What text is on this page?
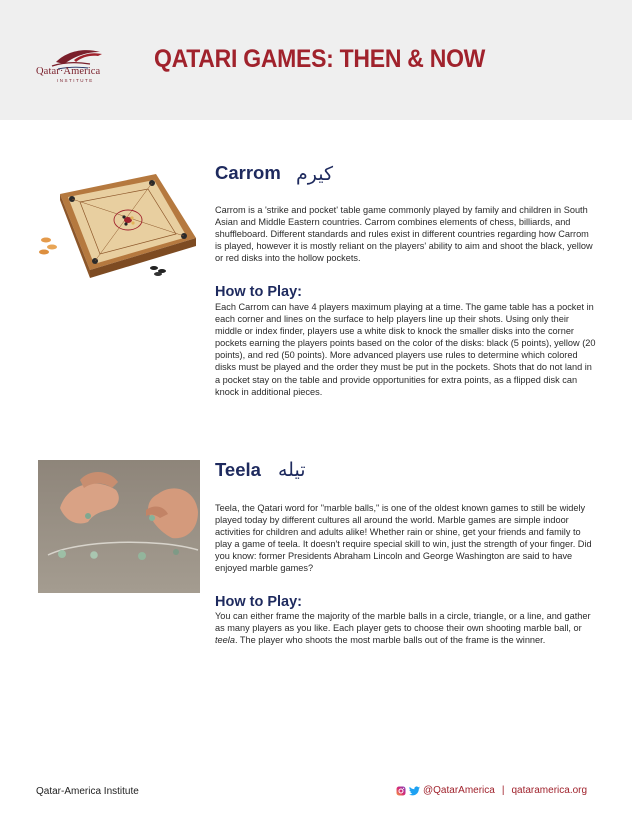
Qatar·America
INSTITUTE
QATARI GAMES: THEN & NOW
Carrom كيرم

Carrom is a 'strike and pocket' table game commonly played by family and children in South Asian and Middle Eastern countries. Carrom combines elements of chess, billiards, and shuffleboard. Different standards and rules exist in different countries regarding how Carrom is played, however it is mostly reliant on the players' ability to aim and shoot the black, yellow or red disks into the hollow pockets.

How to Play:

Each Carrom can have 4 players maximum playing at a time. The game table has a pocket in each corner and lines on the surface to help players line up their shots. Using only their middle or index finder, players use a white disk to knock the smaller disks into the corner pockets earning the players points based on the color of the disks: black (5 points), yellow (20 points), and red (50 points). More advanced players use rules to determine which colored disks must be played and the order they must be put in the pockets. Shots that do not land in a pocket stay on the table and provide opportunities for extra points, as a flipped disk can knock in additional pieces.

Teela تيله

Teela, the Qatari word for "marble balls," is one of the oldest known games to still be widely played today by different cultures all around the world. Marble games are simple indoor activities for children and adults alike! Whether rain or shine, get your friends and family to play a game of teela. It doesn't require special skill to win, just the strength of your finger. Did you know: former Presidents Abraham Lincoln and George Washington are said to have enjoyed marble games?

How to Play:

You can either frame the majority of the marble balls in a circle, triangle, or a line, and gather as many players as you like. Each player gets to choose their own shooting marble ball, or teela. The player who shoots the most marble balls out of the frame is the winner.

Qatar-America Institute	@QatarAmerica | qataramerica.org
